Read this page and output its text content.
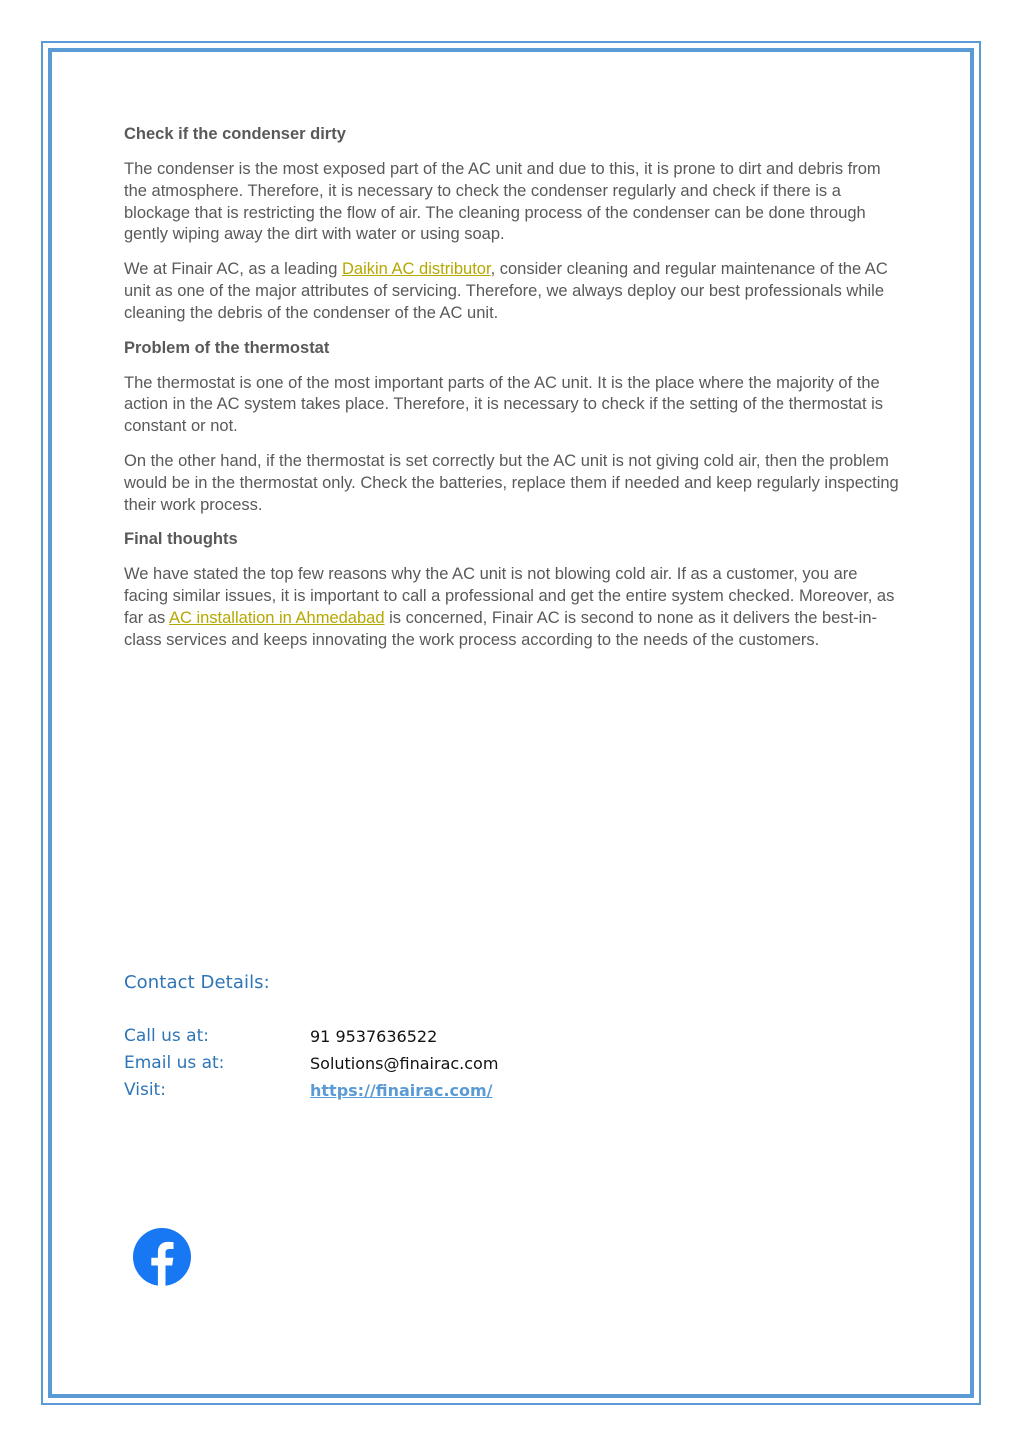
Check if the condenser dirty

The condenser is the most exposed part of the AC unit and due to this, it is prone to dirt and debris from the atmosphere. Therefore, it is necessary to check the condenser regularly and check if there is a blockage that is restricting the flow of air. The cleaning process of the condenser can be done through gently wiping away the dirt with water or using soap.

We at Finair AC, as a leading Daikin AC distributor, consider cleaning and regular maintenance of the AC unit as one of the major attributes of servicing. Therefore, we always deploy our best professionals while cleaning the debris of the condenser of the AC unit.

Problem of the thermostat

The thermostat is one of the most important parts of the AC unit. It is the place where the majority of the action in the AC system takes place. Therefore, it is necessary to check if the setting of the thermostat is constant or not.

On the other hand, if the thermostat is set correctly but the AC unit is not giving cold air, then the problem would be in the thermostat only. Check the batteries, replace them if needed and keep regularly inspecting their work process.

Final thoughts

We have stated the top few reasons why the AC unit is not blowing cold air. If as a customer, you are facing similar issues, it is important to call a professional and get the entire system checked. Moreover, as far as AC installation in Ahmedabad is concerned, Finair AC is second to none as it delivers the best-in-class services and keeps innovating the work process according to the needs of the customers.

Contact Details:
Call us at:	91 9537636522
Email us at:	Solutions@finairac.com
Visit:	https://finairac.com/
